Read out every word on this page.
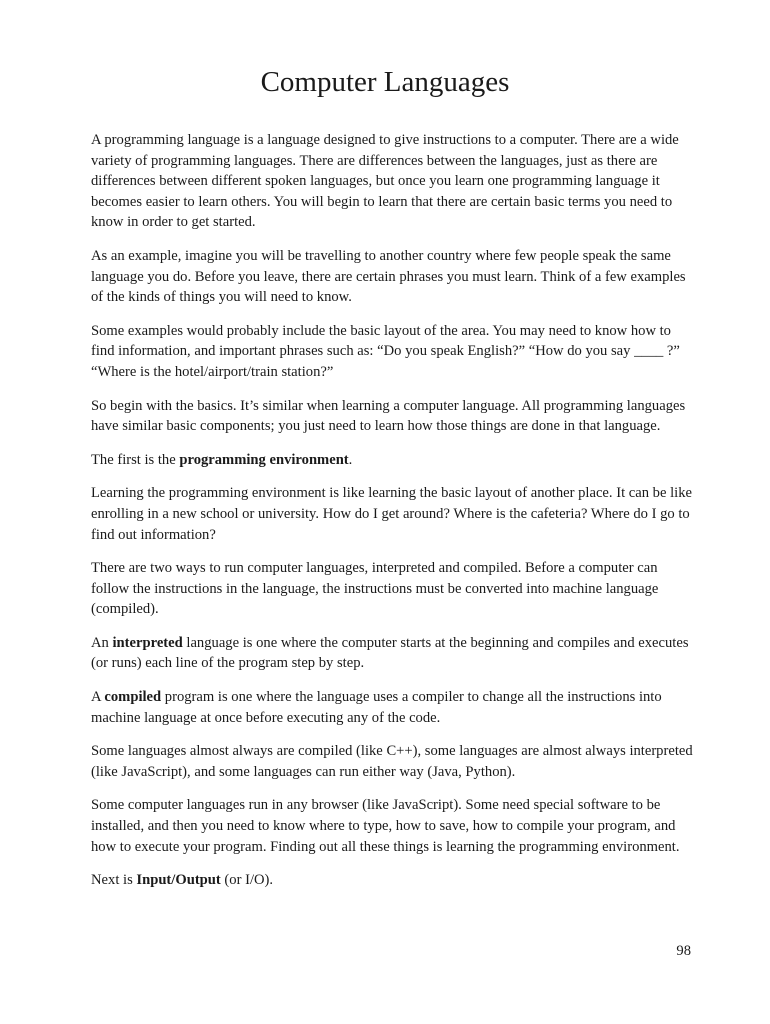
Computer Languages

A programming language is a language designed to give instructions to a computer. There are a wide variety of programming languages. There are differences between the languages, just as there are differences between different spoken languages, but once you learn one programming language it becomes easier to learn others. You will begin to learn that there are certain basic terms you need to know in order to get started.

As an example, imagine you will be travelling to another country where few people speak the same language you do. Before you leave, there are certain phrases you must learn. Think of a few examples of the kinds of things you will need to know.

Some examples would probably include the basic layout of the area. You may need to know how to find information, and important phrases such as: “Do you speak English?” “How do you say ____ ?” “Where is the hotel/airport/train station?”

So begin with the basics. It’s similar when learning a computer language. All programming languages have similar basic components; you just need to learn how those things are done in that language.

The first is the programming environment.

Learning the programming environment is like learning the basic layout of another place. It can be like enrolling in a new school or university. How do I get around? Where is the cafeteria? Where do I go to find out information?

There are two ways to run computer languages, interpreted and compiled. Before a computer can follow the instructions in the language, the instructions must be converted into machine language (compiled).

An interpreted language is one where the computer starts at the beginning and compiles and executes (or runs) each line of the program step by step.

A compiled program is one where the language uses a compiler to change all the instructions into machine language at once before executing any of the code.

Some languages almost always are compiled (like C++), some languages are almost always interpreted (like JavaScript), and some languages can run either way (Java, Python).

Some computer languages run in any browser (like JavaScript). Some need special software to be installed, and then you need to know where to type, how to save, how to compile your program, and how to execute your program. Finding out all these things is learning the programming environment.

Next is Input/Output (or I/O).

98
